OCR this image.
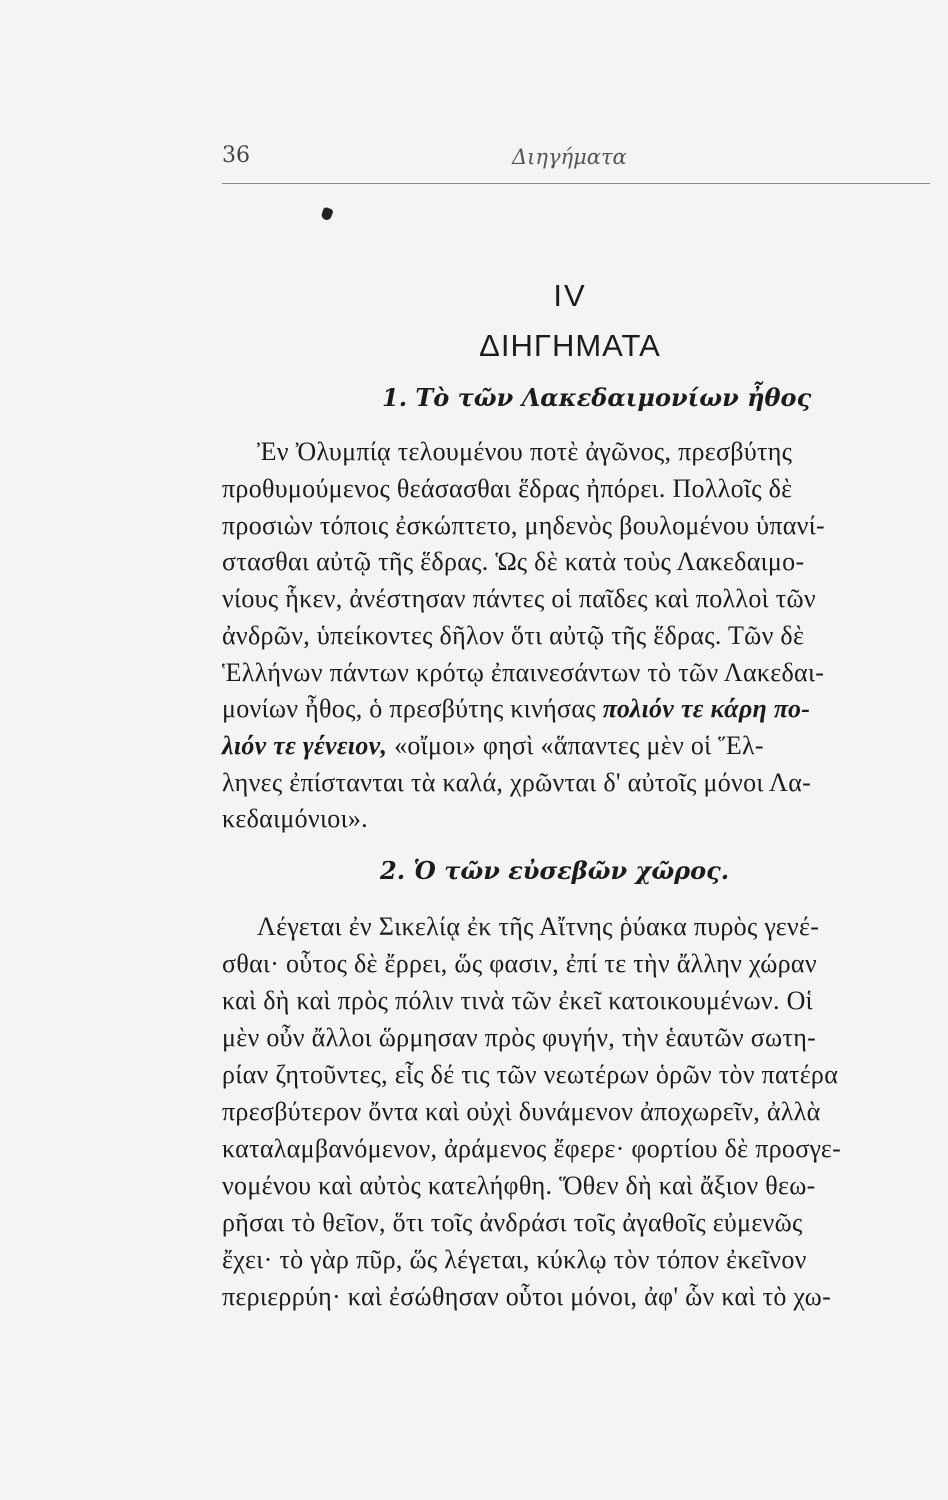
36	Διηγήματα
IV
ΔΙΗΓΗΜΑΤΑ
1. Τὸ τῶν Λακεδαιμονίων ἦθος
Ἐν Ὀλυμπίᾳ τελουμένου ποτὲ ἀγῶνος, πρεσβύτης
προθυμούμενος θεάσασθαι ἕδρας ἠπόρει. Πολλοῖς δὲ
προσιὼν τόποις ἐσκώπτετο, μηδενὸς βουλομένου ὑπανί-
στασθαι αὐτῷ τῆς ἕδρας. Ὡς δὲ κατὰ τοὺς Λακεδαιμο-
νίους ἧκεν, ἀνέστησαν πάντες οἱ παῖδες καὶ πολλοὶ τῶν
ἀνδρῶν, ὑπείκοντες δῆλον ὅτι αὐτῷ τῆς ἕδρας. Τῶν δὲ
Ἑλλήνων πάντων κρότῳ ἐπαινεσάντων τὸ τῶν Λακεδαι-
μονίων ἦθος, ὁ πρεσβύτης κινήσας πολιόν τε κάρη πο-
λιόν τε γένειον, «οἴμοι» φησὶ «ἅπαντες μὲν οἱ Ἕλ-
ληνες ἐπίστανται τὰ καλά, χρῶνται δ' αὐτοῖς μόνοι Λα-
κεδαιμόνιοι».
2. Ὁ τῶν εὐσεβῶν χῶρος.
Λέγεται ἐν Σικελίᾳ ἐκ τῆς Αἴτνης ῥύακα πυρὸς γενέ-
σθαι· οὗτος δὲ ἔρρει, ὥς φασιν, ἐπί τε τὴν ἄλλην χώραν
καὶ δὴ καὶ πρὸς πόλιν τινὰ τῶν ἐκεῖ κατοικουμένων. Οἱ
μὲν οὖν ἄλλοι ὥρμησαν πρὸς φυγήν, τὴν ἑαυτῶν σωτη-
ρίαν ζητοῦντες, εἷς δέ τις τῶν νεωτέρων ὁρῶν τὸν πατέρα
πρεσβύτερον ὄντα καὶ οὐχὶ δυνάμενον ἀποχωρεῖν, ἀλλὰ
καταλαμβανόμενον, ἀράμενος ἔφερε· φορτίου δὲ προσγε-
νομένου καὶ αὐτὸς κατελήφθη. Ὅθεν δὴ καὶ ἄξιον θεω-
ρῆσαι τὸ θεῖον, ὅτι τοῖς ἀνδράσι τοῖς ἀγαθοῖς εὐμενῶς
ἔχει· τὸ γὰρ πῦρ, ὥς λέγεται, κύκλῳ τὸν τόπον ἐκεῖνον
περιερρύη· καὶ ἐσώθησαν οὗτοι μόνοι, ἀφ' ὧν καὶ τὸ χω-
